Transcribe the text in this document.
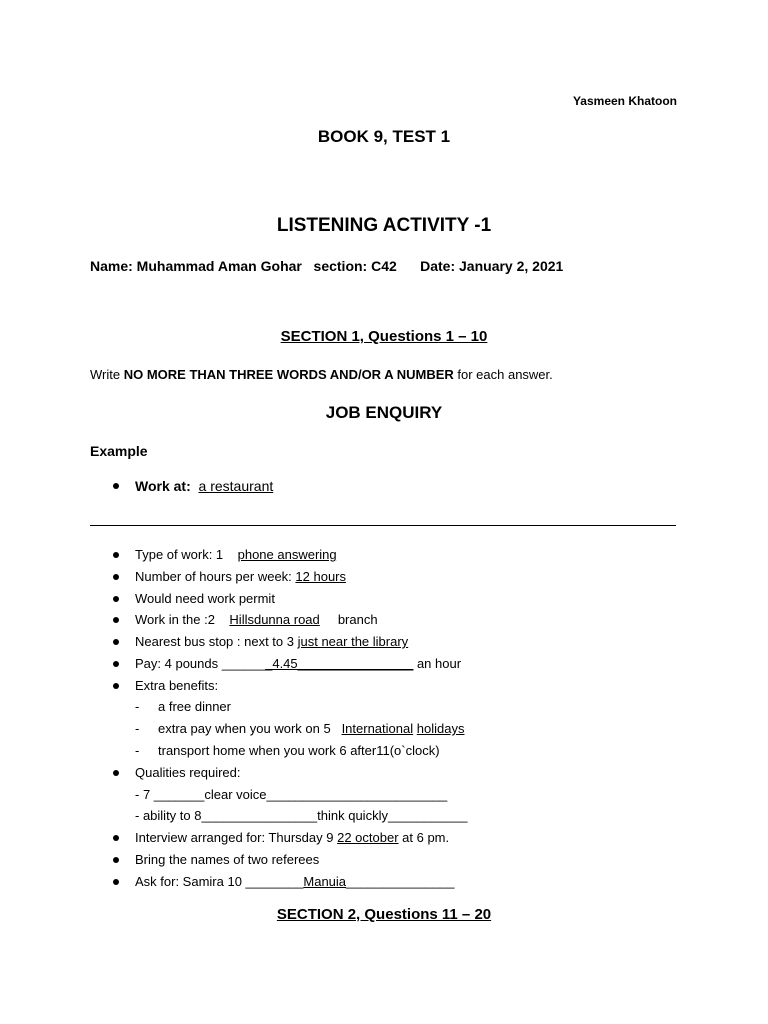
Yasmeen Khatoon
BOOK 9, TEST 1
LISTENING ACTIVITY -1
Name: Muhammad Aman Gohar section: C42 Date: January 2, 2021
SECTION 1, Questions 1 – 10
Write NO MORE THAN THREE WORDS AND/OR A NUMBER for each answer.
JOB ENQUIRY
Example
Work at: a restaurant
Type of work: 1 phone answering
Number of hours per week: 12 hours
Would need work permit
Work in the :2 Hillsdunna road branch
Nearest bus stop : next to 3 just near the library
Pay: 4 pounds _______4.45________________ an hour
Extra benefits:
- a free dinner
- extra pay when you work on 5 International holidays
- transport home when you work 6 after11(o`clock)
Qualities required:
- 7 _______clear voice_________________________
- ability to 8________________think quickly___________
Interview arranged for: Thursday 9 22 october at 6 pm.
Bring the names of two referees
Ask for: Samira 10 ________Manuia_______________
SECTION 2, Questions 11 – 20
